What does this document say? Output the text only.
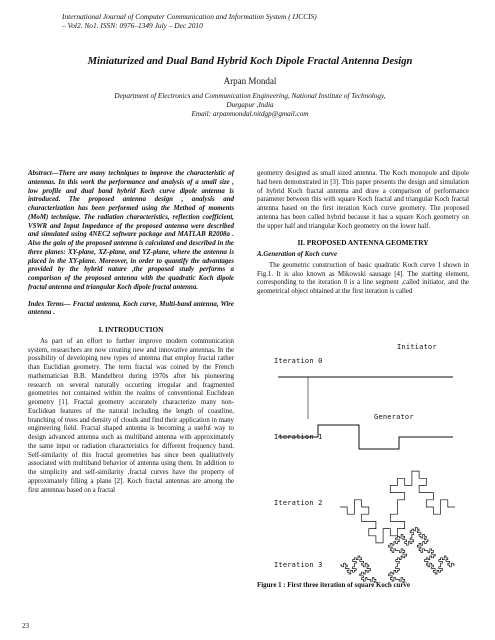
International Journal of Computer Communication and Information System ( IJCCIS)
– Vol2. No1. ISSN: 0976–1349 July – Dec 2010
Miniaturized and Dual Band Hybrid Koch Dipole Fractal Antenna Design
Arpan Mondal
Department of Electronics and Communication Engineering, National Institute of Technology,
Durgapur ,India
Email: arpanmondal.nitdgp@gmail.com
Abstract—There are many techniques to improve the characteristic of antennas. In this work the performance and analysis of a small size , low profile and dual band hybrid Koch curve dipole antenna is introduced. The proposed antenna design , analysis and characterization has been performed using the Method of moments (MoM) technique. The radiation characteristics, reflection coefficient, VSWR and Input Impedance of the proposed antenna were described and simulated using 4NEC2 software package and MATLAB R2008a . Also the gain of the proposed antenna is calculated and described in the three planes: XY-plane, XZ-plane, and YZ-plane, where the antenna is placed in the XY-plane. Moreover, in order to quantify the advantages provided by the hybrid nature ,the proposed study performs a comparison of the proposed antenna with the quadratic Koch dipole fractal antenna and triangular Koch dipole fractal antenna.
Index Terms— Fractal antenna, Koch curve, Multi-band antenna, Wire antenna .
I. INTRODUCTION
As part of an effort to further improve modern communication system, researchers are now creating new and innovative antennas. In the possibility of developing new types of antenna that employ fractal rather than Euclidian geometry. The term fractal was coined by the French mathematician B.B. Mandelbrot during 1970s after his pioneering research on several naturally occurring irregular and fragmented geometries not contained within the realms of conventional Euclidean geometry [1]. Fractal geometry accurately characterize many non-Euclidean features of the natural including the length of coastline, branching of trees and density of clouds and find their application in many engineering field. Fractal shaped antenna is becoming a useful way to design advanced antenna such as multiband antenna with approximately the same input or radiation characteristics for different frequency band. Self-similarity of this fractal geometries has since been qualitatively associated with multiband behavior of antenna using them. In addition to the simplicity and self-similarity ,fractal curves have the property of approximately filling a plane [2]. Koch fractal antennas are among the first antennas based on a fractal
geometry designed as small sized antenna. The Koch monopole and dipole had been demonstrated in [3]. This paper presents the design and simulation of hybrid Koch fractal antenna and draw a comparison of performance parameter between this with square Koch fractal and triangular Koch fractal antenna based on the first iteration Koch curve geometry. The proposed antenna has been called hybrid because it has a square Koch geometry on the upper half and triangular Koch geometry on the lower half.
II. PROPOSED ANTENNA GEOMETRY
A.Generation of Koch curve
The geometric construction of basic quadratic Koch curve I shown in Fig.1. It is also known as Mikowski sausage [4]. The starting element, corresponding to the iteration 0 is a line segment ,called initiator, and the geometrical object obtained at the first iteration is called
Initiator
Iteration 0
Generator
Iteration 1
Iteration 2
Iteration 3
Figure 1 : First three iteration of square Koch curve
23
